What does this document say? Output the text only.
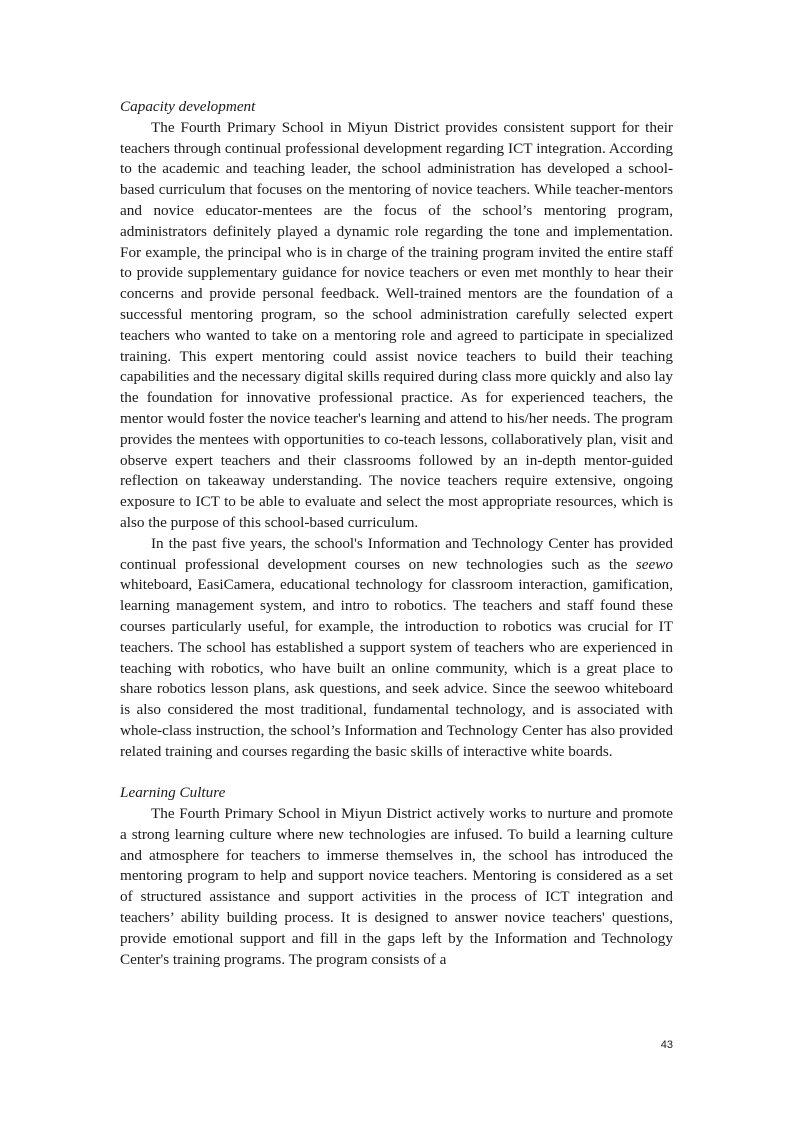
Capacity development

The Fourth Primary School in Miyun District provides consistent support for their teachers through continual professional development regarding ICT integration. According to the academic and teaching leader, the school administration has developed a school-based curriculum that focuses on the mentoring of novice teachers. While teacher-mentors and novice educator-mentees are the focus of the school’s mentoring program, administrators definitely played a dynamic role regarding the tone and implementation. For example, the principal who is in charge of the training program invited the entire staff to provide supplementary guidance for novice teachers or even met monthly to hear their concerns and provide personal feedback. Well-trained mentors are the foundation of a successful mentoring program, so the school administration carefully selected expert teachers who wanted to take on a mentoring role and agreed to participate in specialized training. This expert mentoring could assist novice teachers to build their teaching capabilities and the necessary digital skills required during class more quickly and also lay the foundation for innovative professional practice. As for experienced teachers, the mentor would foster the novice teacher's learning and attend to his/her needs. The program provides the mentees with opportunities to co-teach lessons, collaboratively plan, visit and observe expert teachers and their classrooms followed by an in-depth mentor-guided reflection on takeaway understanding. The novice teachers require extensive, ongoing exposure to ICT to be able to evaluate and select the most appropriate resources, which is also the purpose of this school-based curriculum.

In the past five years, the school's Information and Technology Center has provided continual professional development courses on new technologies such as the seewo whiteboard, EasiCamera, educational technology for classroom interaction, gamification, learning management system, and intro to robotics. The teachers and staff found these courses particularly useful, for example, the introduction to robotics was crucial for IT teachers. The school has established a support system of teachers who are experienced in teaching with robotics, who have built an online community, which is a great place to share robotics lesson plans, ask questions, and seek advice. Since the seewoo whiteboard is also considered the most traditional, fundamental technology, and is associated with whole-class instruction, the school’s Information and Technology Center has also provided related training and courses regarding the basic skills of interactive white boards.

Learning Culture

The Fourth Primary School in Miyun District actively works to nurture and promote a strong learning culture where new technologies are infused. To build a learning culture and atmosphere for teachers to immerse themselves in, the school has introduced the mentoring program to help and support novice teachers. Mentoring is considered as a set of structured assistance and support activities in the process of ICT integration and teachers’ ability building process. It is designed to answer novice teachers' questions, provide emotional support and fill in the gaps left by the Information and Technology Center's training programs. The program consists of a

43
